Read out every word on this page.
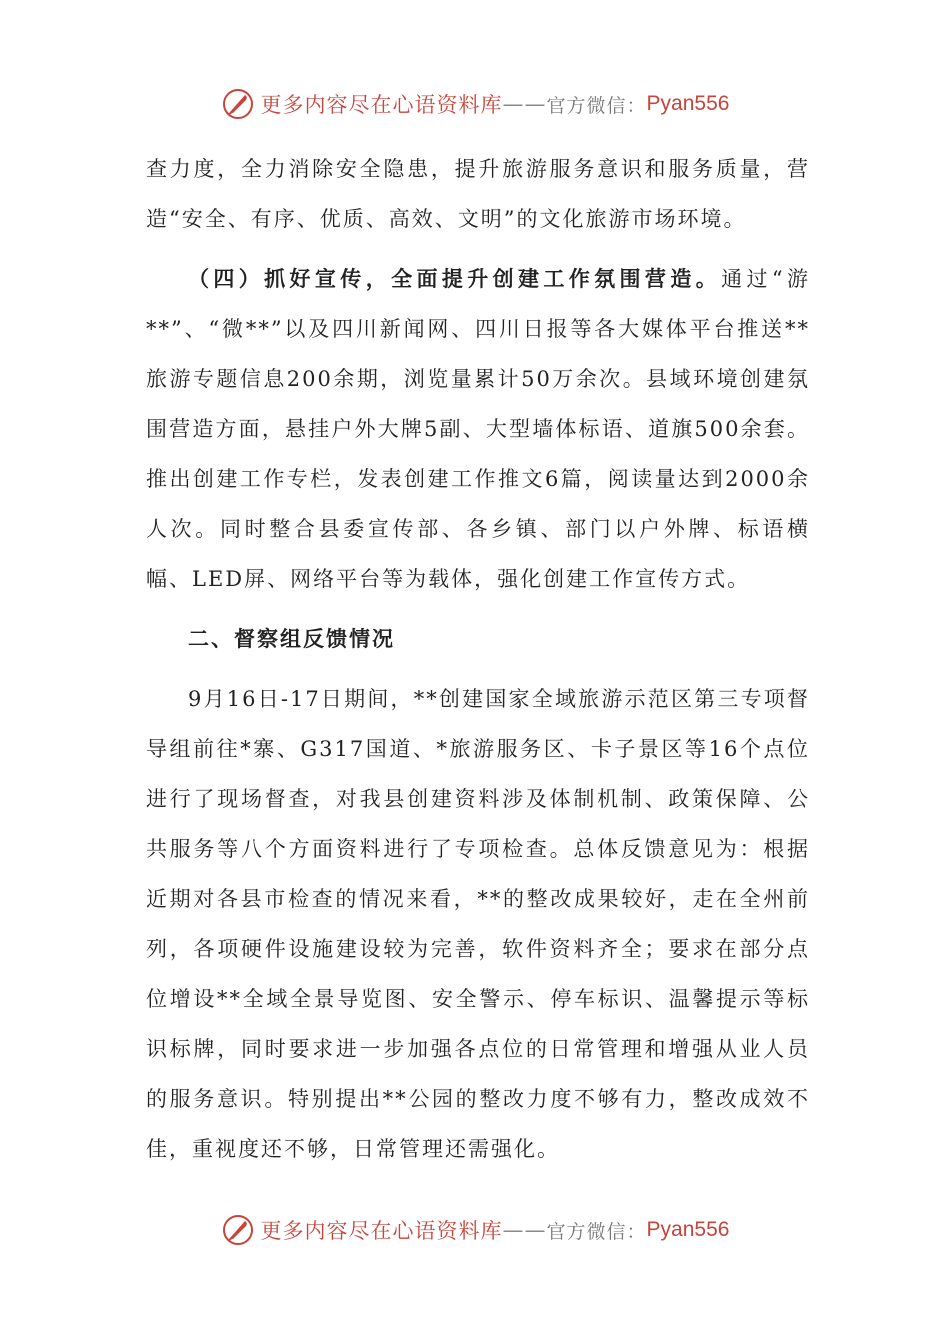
更多内容尽在心语资料库 —— 官方微信： Pyan556

查力度，全力消除安全隐患，提升旅游服务意识和服务质量，营造“安全、有序、优质、高效、文明”的文化旅游市场环境。

（四）抓好宣传，全面提升创建工作氛围营造。通过“游**”、“微**”以及四川新闻网、四川日报等各大媒体平台推送**旅游专题信息200余期，浏览量累计50万余次。县域环境创建氛围营造方面，悬挂户外大牌5副、大型墙体标语、道旗500余套。推出创建工作专栏，发表创建工作推文6篇，阅读量达到2000余人次。同时整合县委宣传部、各乡镇、部门以户外牌、标语横幅、LED屏、网络平台等为载体，强化创建工作宣传方式。

二、督察组反馈情况

9月16日-17日期间，**创建国家全域旅游示范区第三专项督导组前往*寨、G317国道、*旅游服务区、卡子景区等16个点位进行了现场督查，对我县创建资料涉及体制机制、政策保障、公共服务等八个方面资料进行了专项检查。总体反馈意见为：根据近期对各县市检查的情况来看，**的整改成果较好，走在全州前列，各项硬件设施建设较为完善，软件资料齐全；要求在部分点位增设**全域全景导览图、安全警示、停车标识、温馨提示等标识标牌，同时要求进一步加强各点位的日常管理和增强从业人员的服务意识。特别提出**公园的整改力度不够有力，整改成效不佳，重视度还不够，日常管理还需强化。

更多内容尽在心语资料库 —— 官方微信： Pyan556
